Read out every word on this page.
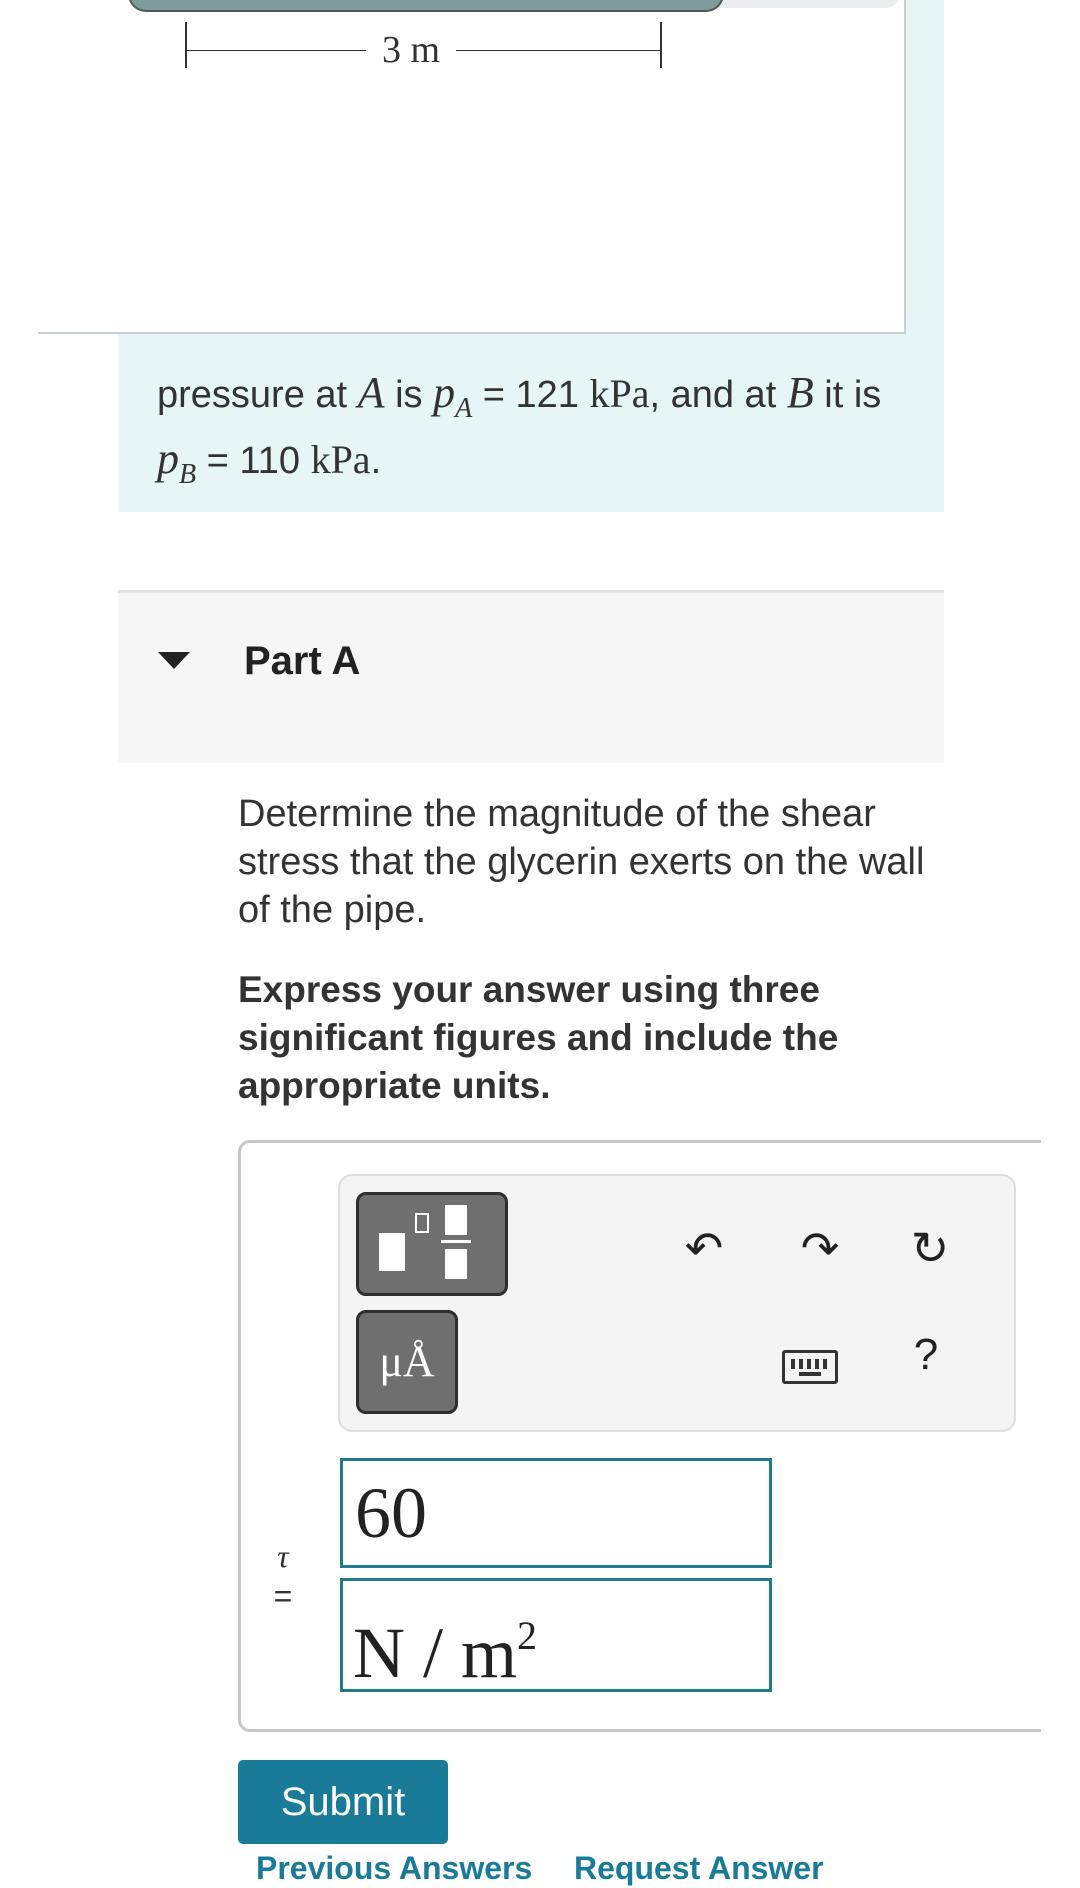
3 m
pressure at A is $p_A = 121$ kPa, and at B it is $p_B = 110$ kPa.
Part A
Determine the magnitude of the shear stress that the glycerin exerts on the wall of the pipe.
Express your answer using three significant figures and include the appropriate units.
μÅ
↶ ↷ ↻
?
τ
=
60
N / $m^2$
Submit
Previous Answers Request Answer
